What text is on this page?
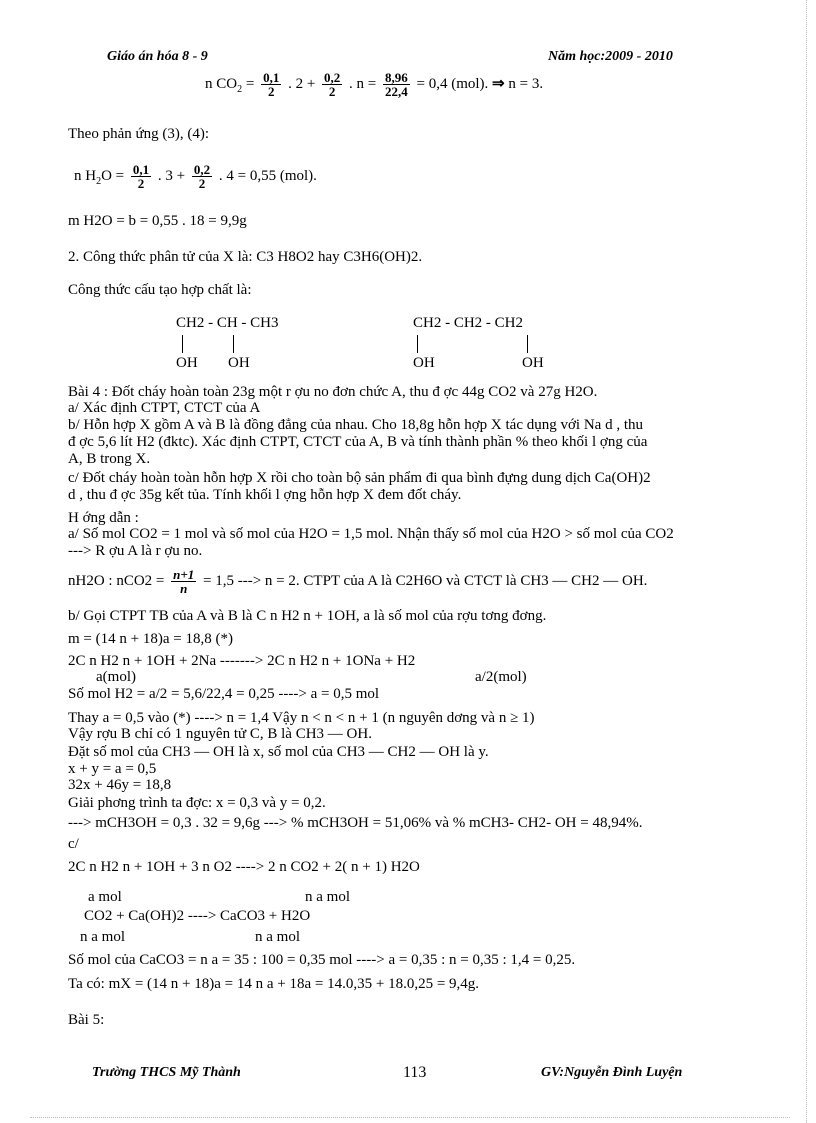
Giáo án hóa 8 - 9	Năm học:2009 - 2010
n $CO_2 = \frac{0,1}{2}$ . $2 + \frac{0,2}{2}$ . $n = \frac{8,96}{22,4} = 0,4$ (mol). ⇒ n = 3.
Theo phản ứng (3), (4):
n $H_2O = \frac{0,1}{2}$ . $3 + \frac{0,2}{2}$ . 4 = 0,55 (mol).
m H2O = b = 0,55 . 18 = 9,9g
2. Công thức phân tử của X là: C3 H8O2 hay C3H6(OH)2.
Công thức cấu tạo hợp chất là:
CH2 - CH - CH3
OH OH
CH2 - CH2 - CH2
OH	OH
Bài 4 : Đốt cháy hoàn toàn 23g một r ợu no đơn chức A, thu đ ợc 44g CO2 và 27g H2O.
a/ Xác định CTPT, CTCT của A
b/ Hỗn hợp X gồm A và B là đồng đẳng của nhau. Cho 18,8g hỗn hợp X tác dụng với Na d , thu
đ ợc 5,6 lít H2 (đktc). Xác định CTPT, CTCT của A, B và tính thành phần % theo khối l ợng của
A, B trong X.
c/ Đốt cháy hoàn toàn hỗn hợp X rồi cho toàn bộ sản phẩm đi qua bình đựng dung dịch Ca(OH)2
d , thu đ ợc 35g kết tủa. Tính khối l ợng hỗn hợp X đem đốt cháy.
H ớng dẫn :
a/ Số mol CO2 = 1 mol và số mol của H2O = 1,5 mol. Nhận thấy số mol của H2O > số mol của CO2
---> R ợu A là r ợu no.
nH2O : $nCO2 = \frac{n+1}{n} = 1,5$ ---> n = 2. CTPT của A là C2H6O và CTCT là CH3 — CH2 — OH.
b/ Gọi CTPT TB của A và B là C n H2 n + 1OH, a là số mol của rợu tơng đơng.
m = (14 n + 18)a = 18,8 (*)
2C n H2 n + 1OH + 2Na -------> 2C n H2 n + 1ONa + H2
a(mol)	a/2(mol)
Số mol H2 = a/2 = 5,6/22,4 = 0,25 ----> a = 0,5 mol
Thay a = 0,5 vào (*) ----> n = 1,4 Vậy n < n < n + 1 (n nguyên dơng và n ≥ 1)
Vậy rợu B chỉ có 1 nguyên tử C, B là CH3 — OH.
Đặt số mol của CH3 — OH là x, số mol của CH3 — CH2 — OH là y.
x + y = a = 0,5
32x + 46y = 18,8
Giải phơng trình ta đợc: x = 0,3 và y = 0,2.
---> mCH3OH = 0,3 . 32 = 9,6g ---> % mCH3OH = 51,06% và % mCH3- CH2- OH = 48,94%.
c/
2C n H2 n + 1OH + 3 n O2 ----> 2 n CO2 + 2( n + 1) H2O
a mol	n a mol
CO2 + Ca(OH)2 ----> CaCO3 + H2O
n a mol	n a mol
Số mol của CaCO3 = n a = 35 : 100 = 0,35 mol ----> a = 0,35 : n = 0,35 : 1,4 = 0,25.
Ta có: mX = (14 n + 18)a = 14 n a + 18a = 14.0,35 + 18.0,25 = 9,4g.
Bài 5:
Trường THCS Mỹ Thành	113	GV:Nguyễn Đình Luyện
